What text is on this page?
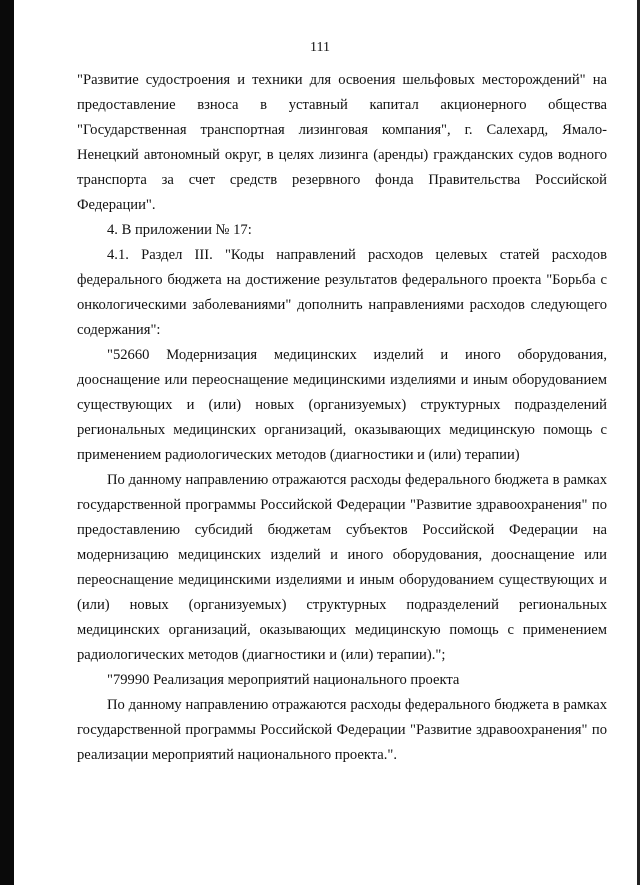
111

"Развитие судостроения и техники для освоения шельфовых месторождений" на предоставление взноса в уставный капитал акционерного общества "Государственная транспортная лизинговая компания", г. Салехард, Ямало-Ненецкий автономный округ, в целях лизинга (аренды) гражданских судов водного транспорта за счет средств резервного фонда Правительства Российской Федерации".

4. В приложении № 17:

4.1. Раздел III. "Коды направлений расходов целевых статей расходов федерального бюджета на достижение результатов федерального проекта "Борьба с онкологическими заболеваниями" дополнить направлениями расходов следующего содержания":

"52660 Модернизация медицинских изделий и иного оборудования, дооснащение или переоснащение медицинскими изделиями и иным оборудованием существующих и (или) новых (организуемых) структурных подразделений региональных медицинских организаций, оказывающих медицинскую помощь с применением радиологических методов (диагностики и (или) терапии)

По данному направлению отражаются расходы федерального бюджета в рамках государственной программы Российской Федерации "Развитие здравоохранения" по предоставлению субсидий бюджетам субъектов Российской Федерации на модернизацию медицинских изделий и иного оборудования, дооснащение или переоснащение медицинскими изделиями и иным оборудованием существующих и (или) новых (организуемых) структурных подразделений региональных медицинских организаций, оказывающих медицинскую помощь с применением радиологических методов (диагностики и (или) терапии).";

"79990 Реализация мероприятий национального проекта

По данному направлению отражаются расходы федерального бюджета в рамках государственной программы Российской Федерации "Развитие здравоохранения" по реализации мероприятий национального проекта.".
